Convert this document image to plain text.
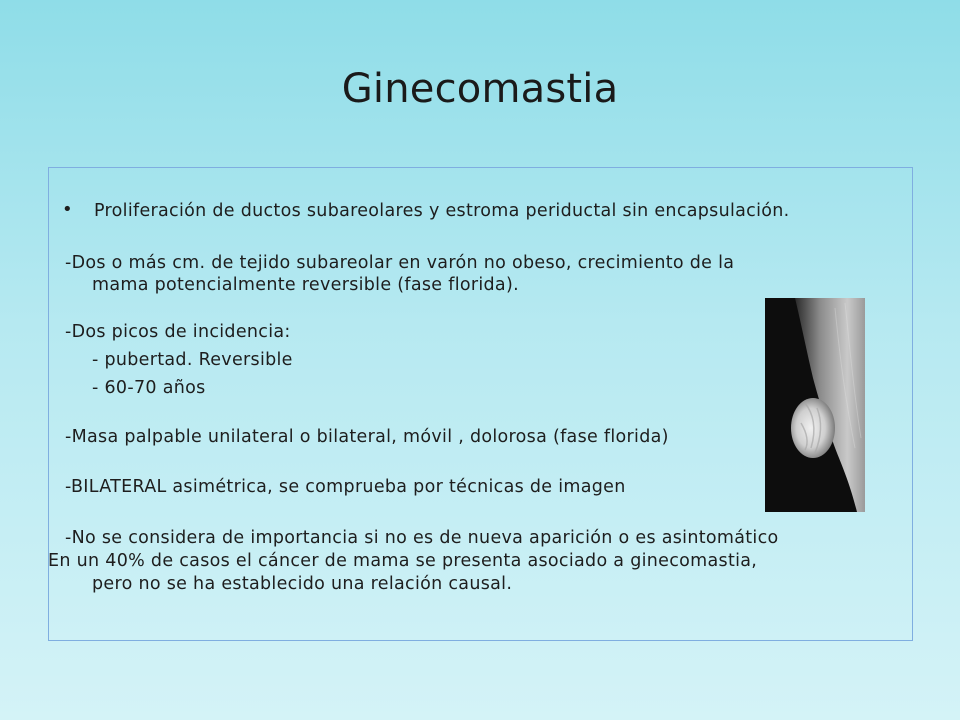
Ginecomastia
• Proliferación de ductos subareolares y estroma periductal sin encapsulación.
-Dos o más cm. de tejido subareolar en varón no obeso, crecimiento de la
mama potencialmente reversible (fase florida).
-Dos picos de incidencia:
- pubertad. Reversible
- 60-70 años
-Masa palpable unilateral o bilateral, móvil , dolorosa (fase florida)
-BILATERAL asimétrica, se comprueba por técnicas de imagen
-No se considera de importancia si no es de nueva aparición o es asintomático
En un 40% de casos el cáncer de mama se presenta asociado a ginecomastia,
pero no se ha establecido una relación causal.
